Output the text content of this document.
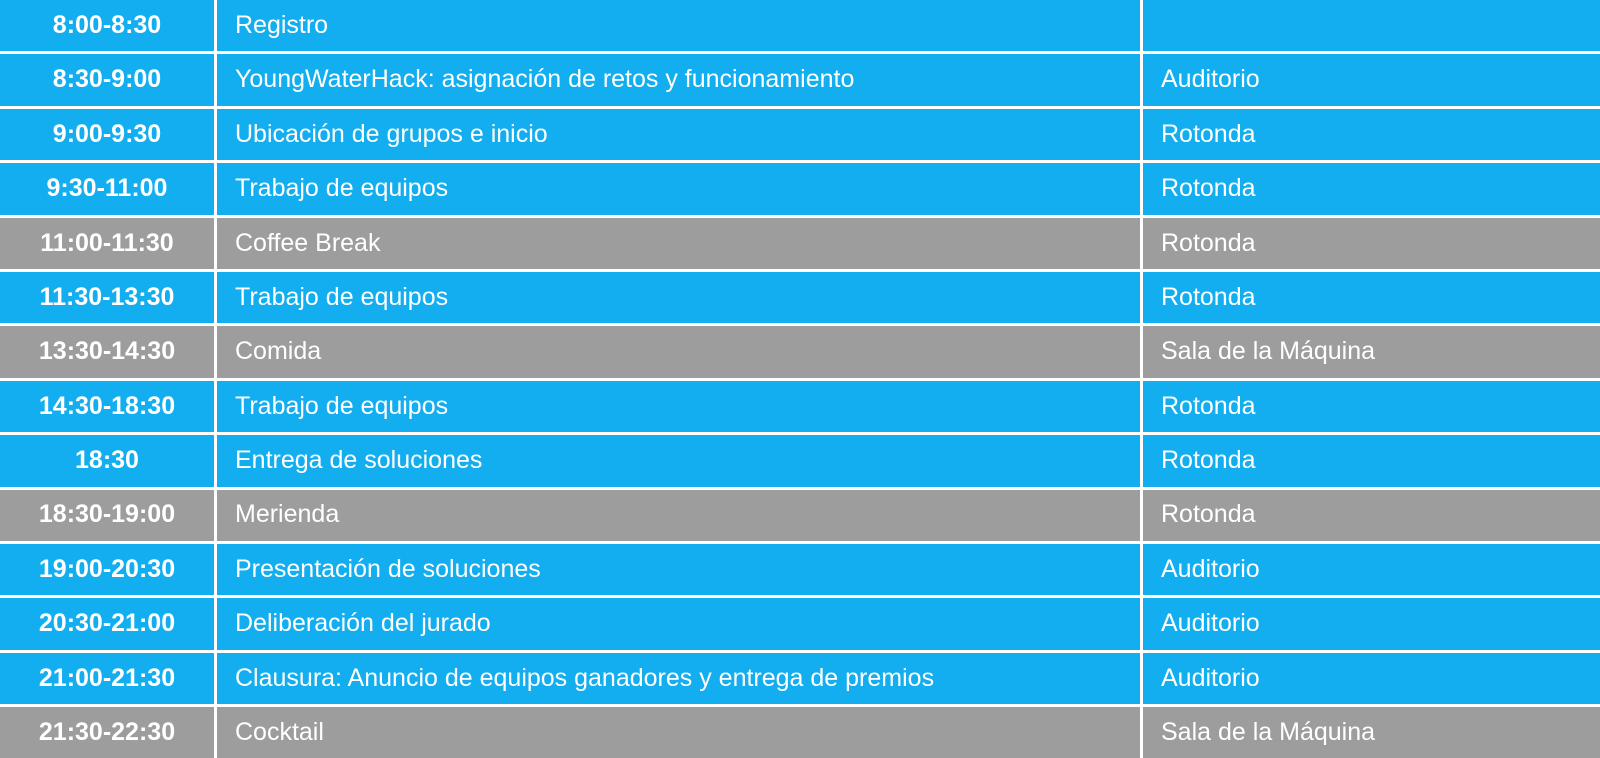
8:00-8:30	Registro	
8:30-9:00	YoungWaterHack: asignación de retos y funcionamiento	Auditorio
9:00-9:30	Ubicación de grupos e inicio	Rotonda
9:30-11:00	Trabajo de equipos	Rotonda
11:00-11:30	Coffee Break	Rotonda
11:30-13:30	Trabajo de equipos	Rotonda
13:30-14:30	Comida	Sala de la Máquina
14:30-18:30	Trabajo de equipos	Rotonda
18:30	Entrega de soluciones	Rotonda
18:30-19:00	Merienda	Rotonda
19:00-20:30	Presentación de soluciones	Auditorio
20:30-21:00	Deliberación del jurado	Auditorio
21:00-21:30	Clausura: Anuncio de equipos ganadores y entrega de premios	Auditorio
21:30-22:30	Cocktail	Sala de la Máquina
